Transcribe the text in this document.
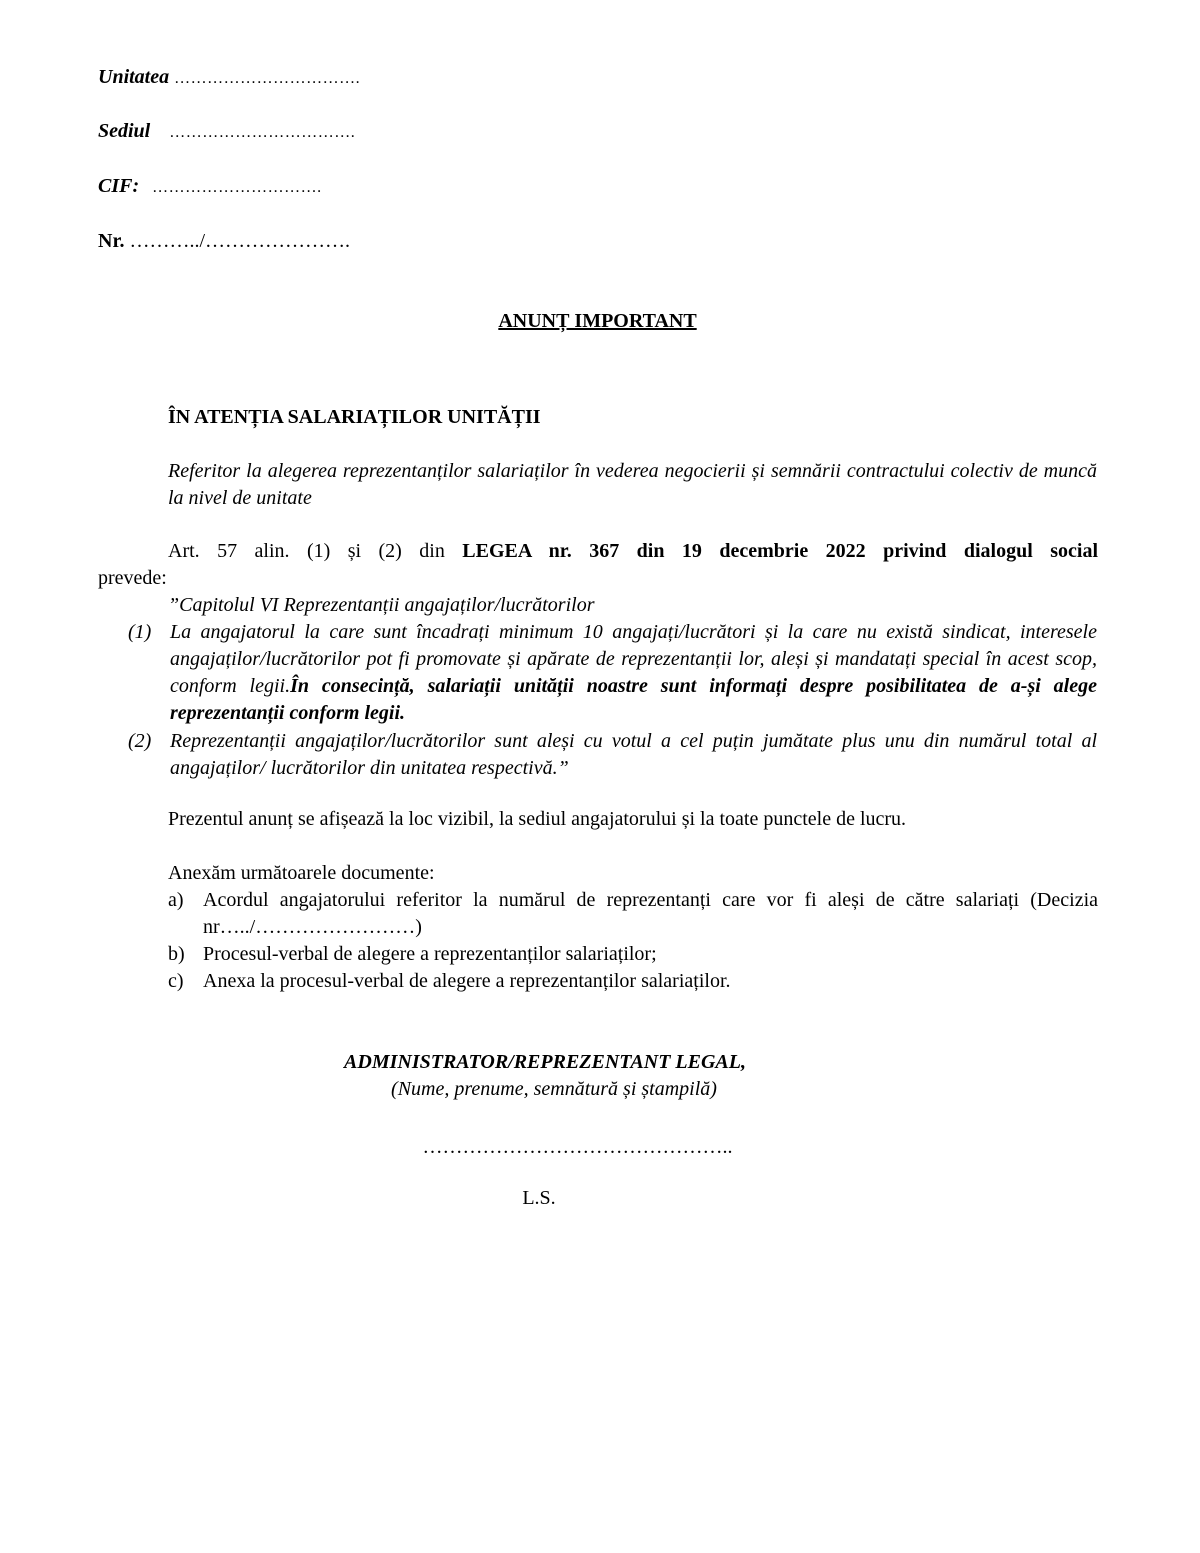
Unitatea …………………………….
Sediul …………………………….
CIF: ………………………….
Nr. ………../………………….
ANUNȚ IMPORTANT
ÎN ATENȚIA SALARIAȚILOR UNITĂȚII
Referitor la alegerea reprezentanților salariaților în vederea negocierii și semnării contractului colectiv de muncă la nivel de unitate
Art. 57 alin. (1) și (2) din LEGEA nr. 367 din 19 decembrie 2022 privind dialogul social
prevede:
”Capitolul VI Reprezentanții angajaților/lucrătorilor
(1) La angajatorul la care sunt încadrați minimum 10 angajați/lucrători și la care nu există sindicat, interesele angajaților/lucrătorilor pot fi promovate și apărate de reprezentanții lor, aleși și mandatați special în acest scop, conform legii.În consecință, salariații unității noastre sunt informați despre posibilitatea de a-și alege reprezentanții conform legii.
(2) Reprezentanții angajaților/lucrătorilor sunt aleși cu votul a cel puțin jumătate plus unu din numărul total al angajaților/ lucrătorilor din unitatea respectivă.”
Prezentul anunț se afișează la loc vizibil, la sediul angajatorului și la toate punctele de lucru.
Anexăm următoarele documente:
a) Acordul angajatorului referitor la numărul de reprezentanți care vor fi aleși de către salariați (Decizia nr…../……………………)
b) Procesul-verbal de alegere a reprezentanților salariaților;
c) Anexa la procesul-verbal de alegere a reprezentanților salariaților.
ADMINISTRATOR/REPREZENTANT LEGAL,
(Nume, prenume, semnătură și ștampilă)
………………………………………..
L.S.
